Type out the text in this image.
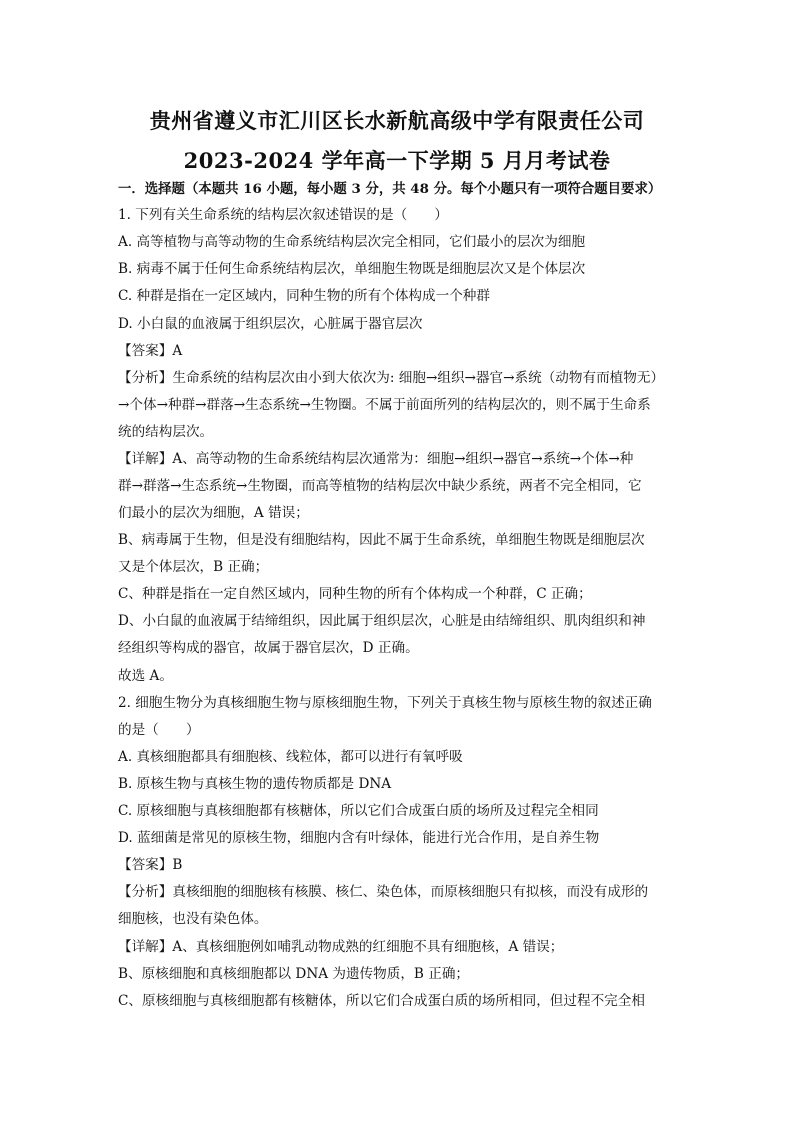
贵州省遵义市汇川区长水新航高级中学有限责任公司
2023-2024 学年高一下学期 5 月月考试卷
一．选择题（本题共 16 小题，每小题 3 分，共 48 分。每个小题只有一项符合题目要求）
1. 下列有关生命系统的结构层次叙述错误的是（　　）
A. 高等植物与高等动物的生命系统结构层次完全相同，它们最小的层次为细胞
B. 病毒不属于任何生命系统结构层次，单细胞生物既是细胞层次又是个体层次
C. 种群是指在一定区域内，同种生物的所有个体构成一个种群
D. 小白鼠的血液属于组织层次，心脏属于器官层次
【答案】A
【分析】生命系统的结构层次由小到大依次为: 细胞→组织→器官→系统（动物有而植物无）
→个体→种群→群落→生态系统→生物圈。不属于前面所列的结构层次的，则不属于生命系
统的结构层次。
【详解】A、高等动物的生命系统结构层次通常为：细胞→组织→器官→系统→个体→种
群→群落→生态系统→生物圈，而高等植物的结构层次中缺少系统，两者不完全相同，它
们最小的层次为细胞，A 错误；
B、病毒属于生物，但是没有细胞结构，因此不属于生命系统，单细胞生物既是细胞层次
又是个体层次，B 正确；
C、种群是指在一定自然区域内，同种生物的所有个体构成一个种群，C 正确；
D、小白鼠的血液属于结缔组织，因此属于组织层次，心脏是由结缔组织、肌肉组织和神
经组织等构成的器官，故属于器官层次，D 正确。
故选 A。
2. 细胞生物分为真核细胞生物与原核细胞生物，下列关于真核生物与原核生物的叙述正确
的是（　　）
A. 真核细胞都具有细胞核、线粒体，都可以进行有氧呼吸
B. 原核生物与真核生物的遗传物质都是 DNA
C. 原核细胞与真核细胞都有核糖体，所以它们合成蛋白质的场所及过程完全相同
D. 蓝细菌是常见的原核生物，细胞内含有叶绿体，能进行光合作用，是自养生物
【答案】B
【分析】真核细胞的细胞核有核膜、核仁、染色体，而原核细胞只有拟核，而没有成形的
细胞核，也没有染色体。
【详解】A、真核细胞例如哺乳动物成熟的红细胞不具有细胞核，A 错误；
B、原核细胞和真核细胞都以 DNA 为遗传物质，B 正确；
C、原核细胞与真核细胞都有核糖体，所以它们合成蛋白质的场所相同，但过程不完全相
